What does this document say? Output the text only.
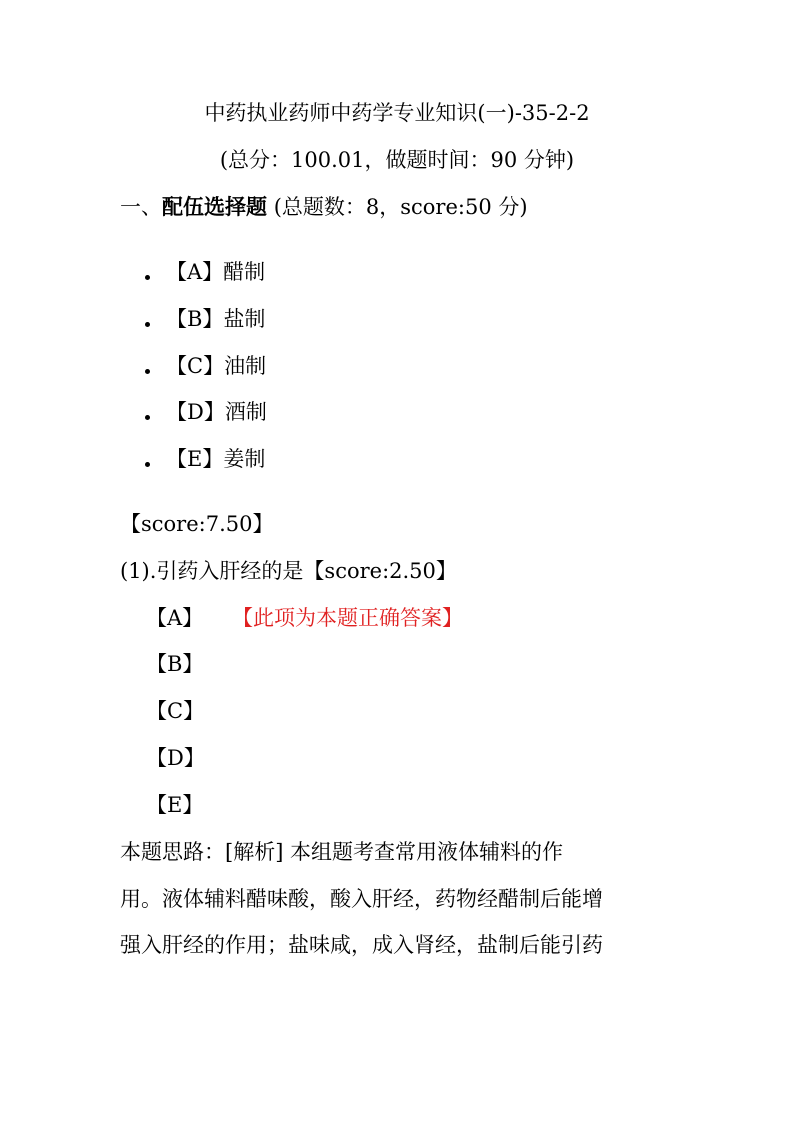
中药执业药师中药学专业知识(一)-35-2-2
(总分：100.01，做题时间：90 分钟)
一、配伍选择题 (总题数：8，score:50 分)
【A】醋制
【B】盐制
【C】油制
【D】酒制
【E】姜制
【score:7.50】
(1).引药入肝经的是【score:2.50】
【A】 【此项为本题正确答案】
【B】
【C】
【D】
【E】
本题思路：[解析] 本组题考查常用液体辅料的作
用。液体辅料醋味酸，酸入肝经，药物经醋制后能增
强入肝经的作用；盐味咸，成入肾经，盐制后能引药
